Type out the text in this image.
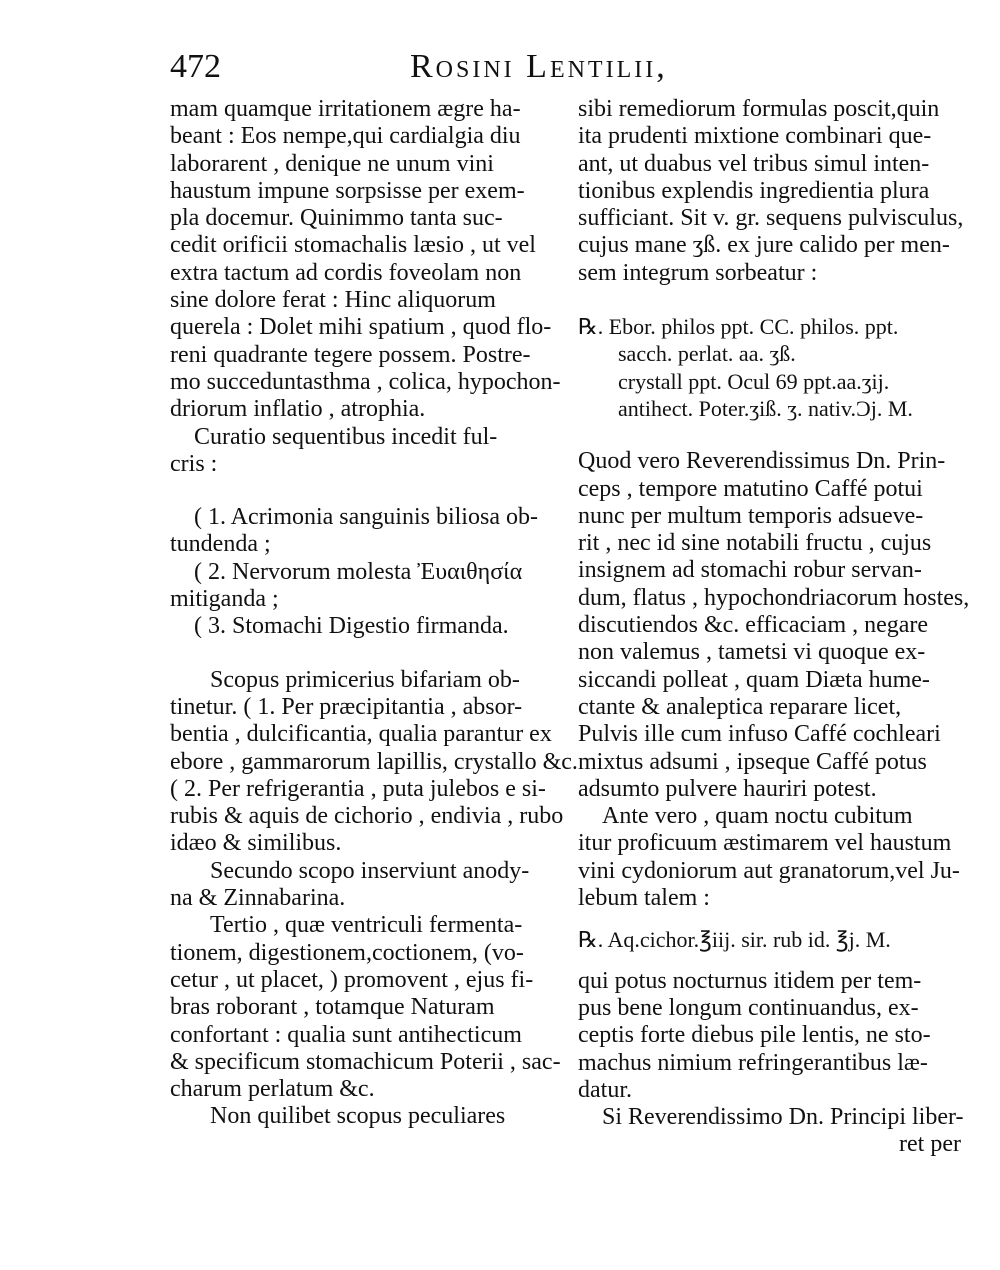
472	Rosini Lentilii,

mam quamque irritationem ægre ha-
beant : Eos nempe,qui cardialgia diu
laborarent , denique ne unum vini
haustum impune sorpsisse per exem-
pla docemur. Quinimmo tanta suc-
cedit orificii stomachalis læsio , ut vel
extra tactum ad cordis foveolam non
sine dolore ferat : Hinc aliquorum
querela : Dolet mihi spatium , quod flo-
reni quadrante tegere possem. Postre-
mo succeduntasthma , colica, hypochon-
driorum inflatio , atrophia.
Curatio sequentibus incedit ful-
cris :

( 1. Acrimonia sanguinis biliosa ob-
tundenda ;
( 2. Nervorum molesta Ἐυαιθησία
mitiganda ;
( 3. Stomachi Digestio firmanda.

Scopus primicerius bifariam ob-
tinetur. ( 1. Per præcipitantia , absor-
bentia , dulcificantia, qualia parantur ex
ebore , gammarorum lapillis, crystallo &c.
( 2. Per refrigerantia , puta julebos e si-
rubis & aquis de cichorio , endivia , rubo
idæo & similibus.
Secundo scopo inserviunt anody-
na & Zinnabarina.
Tertio , quæ ventriculi fermenta-
tionem, digestionem,coctionem, (vo-
cetur , ut placet, ) promovent , ejus fi-
bras roborant , totamque Naturam
confortant : qualia sunt antihecticum
& specificum stomachicum Poterii , sac-
charum perlatum &c.
Non quilibet scopus peculiares

sibi remediorum formulas poscit,quin
ita prudenti mixtione combinari que-
ant, ut duabus vel tribus simul inten-
tionibus explendis ingredientia plura
sufficiant. Sit v. gr. sequens pulvisculus,
cujus mane ʒß. ex jure calido per men-
sem integrum sorbeatur :

℞. Ebor. philos ppt. CC. philos. ppt.
sacch. perlat. aa. ʒß.
crystall ppt. Ocul 69 ppt.aa.ʒij.
antihect. Poter.ʒiß. ʒ. nativ.Ɔj. M.

Quod vero Reverendissimus Dn. Prin-
ceps , tempore matutino Caffé potui
nunc per multum temporis adsueve-
rit , nec id sine notabili fructu , cujus
insignem ad stomachi robur servan-
dum, flatus , hypochondriacorum hostes,
discutiendos &c. efficaciam , negare
non valemus , tametsi vi quoque ex-
siccandi polleat , quam Diæta hume-
ctante & analeptica reparare licet,
Pulvis ille cum infuso Caffé cochleari
mixtus adsumi , ipseque Caffé potus
adsumto pulvere hauriri potest.
Ante vero , quam noctu cubitum
itur proficuum æstimarem vel haustum
vini cydoniorum aut granatorum,vel Ju-
lebum talem :

℞. Aq.cichor.℥iij. sir. rub id. ℥j. M.

qui potus nocturnus itidem per tem-
pus bene longum continuandus, ex-
ceptis forte diebus pile lentis, ne sto-
machus nimium refringerantibus læ-
datur.
Si Reverendissimo Dn. Principi liber-
ret per
